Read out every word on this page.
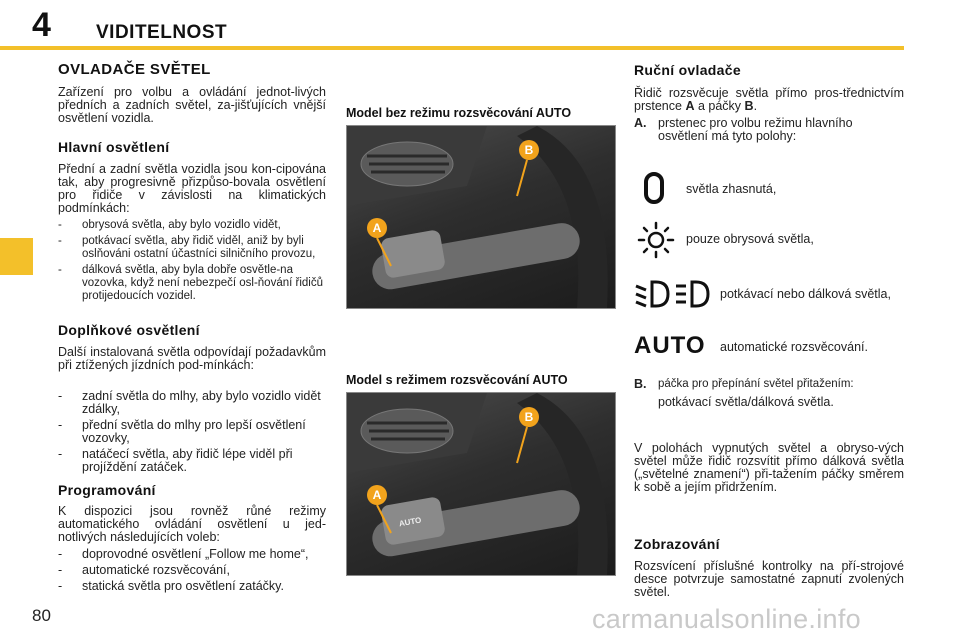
4 VIDITELNOST
OVLADAČE SVĚTEL
Zařízení pro volbu a ovládání jednot-livých předních a zadních světel, za-jišťujících vnější osvětlení vozidla.
Hlavní osvětlení
Přední a zadní světla vozidla jsou kon-cipována tak, aby progresivně přizpůso-bovala osvětlení pro řidiče v závislosti na klimatických podmínkách:
- obrysová světla, aby bylo vozidlo vidět,
- potkávací světla, aby řidič viděl, aniž by byli oslňováni ostatní účastníci silničního provozu,
- dálková světla, aby byla dobře osvětle-na vozovka, když není nebezpečí osl-ňování řidičů protijedoucích vozidel.
Doplňkové osvětlení
Další instalovaná světla odpovídají požadavkům při ztížených jízdních pod-mínkách:
- zadní světla do mlhy, aby bylo vozidlo vidět zdálky,
- přední světla do mlhy pro lepší osvětlení vozovky,
- natáčecí světla, aby řidič lépe viděl při projíždění zatáček.
Programování
K dispozici jsou rovněž růné režimy automatického ovládání osvětlení u jed-notlivých následujících voleb:
- doprovodné osvětlení „Follow me home“,
- automatické rozsvěcování,
- statická světla pro osvětlení zatáčky.
Model bez režimu rozsvěcování AUTO
A
B
Model s režimem rozsvěcování AUTO
AUTO
A
B
Ruční ovladače
Řidič rozsvěcuje světla přímo pros-třednictvím prstence A a páčky B.
A. prstenec pro volbu režimu hlavního osvětlení má tyto polohy:
světla zhasnutá,
pouze obrysová světla,
potkávací nebo dálková světla,
AUTO automatické rozsvěcování.
B. páčka pro přepínání světel přitažením:
potkávací světla/dálková světla.
V polohách vypnutých světel a obryso-vých světel může řidič rozsvítit přímo dálková světla („světelné znamení“) při-tažením páčky směrem k sobě a jejím přidržením.
Zobrazování
Rozsvícení příslušné kontrolky na pří-strojové desce potvrzuje samostatné zapnutí zvolených světel.
80	carmanualsonline.info
